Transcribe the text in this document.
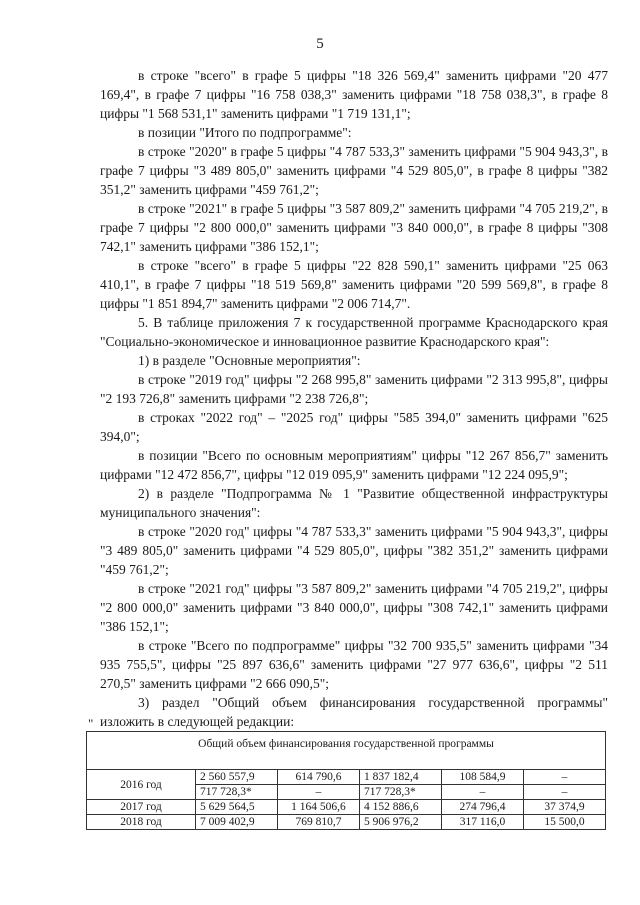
5

в строке "всего" в графе 5 цифры "18 326 569,4" заменить цифрами "20 477 169,4", в графе 7 цифры "16 758 038,3" заменить цифрами "18 758 038,3", в графе 8 цифры "1 568 531,1" заменить цифрами "1 719 131,1";

в позиции "Итого по подпрограмме":

в строке "2020" в графе 5 цифры "4 787 533,3" заменить цифрами "5 904 943,3", в графе 7 цифры "3 489 805,0" заменить цифрами "4 529 805,0", в графе 8 цифры "382 351,2" заменить цифрами "459 761,2";

в строке "2021" в графе 5 цифры "3 587 809,2" заменить цифрами "4 705 219,2", в графе 7 цифры "2 800 000,0" заменить цифрами "3 840 000,0", в графе 8 цифры "308 742,1" заменить цифрами "386 152,1";

в строке "всего" в графе 5 цифры "22 828 590,1" заменить цифрами "25 063 410,1", в графе 7 цифры "18 519 569,8" заменить цифрами "20 599 569,8", в графе 8 цифры "1 851 894,7" заменить цифрами "2 006 714,7".

5. В таблице приложения 7 к государственной программе Краснодарского края "Социально-экономическое и инновационное развитие Краснодарского края":

1) в разделе "Основные мероприятия":

в строке "2019 год" цифры "2 268 995,8" заменить цифрами "2 313 995,8", цифры "2 193 726,8" заменить цифрами "2 238 726,8";

в строках "2022 год" – "2025 год" цифры "585 394,0" заменить цифрами "625 394,0";

в позиции "Всего по основным мероприятиям" цифры "12 267 856,7" заменить цифрами "12 472 856,7", цифры "12 019 095,9" заменить цифрами "12 224 095,9";

2) в разделе "Подпрограмма № 1 "Развитие общественной инфраструктуры муниципального значения":

в строке "2020 год" цифры "4 787 533,3" заменить цифрами "5 904 943,3", цифры "3 489 805,0" заменить цифрами "4 529 805,0", цифры "382 351,2" заменить цифрами "459 761,2";

в строке "2021 год" цифры "3 587 809,2" заменить цифрами "4 705 219,2", цифры "2 800 000,0" заменить цифрами "3 840 000,0", цифры "308 742,1" заменить цифрами "386 152,1";

в строке "Всего по подпрограмме" цифры "32 700 935,5" заменить цифрами "34 935 755,5", цифры "25 897 636,6" заменить цифрами "27 977 636,6", цифры "2 511 270,5" заменить цифрами "2 666 090,5";

3) раздел "Общий объем финансирования государственной программы" изложить в следующей редакции:

"
Общий объем финансирования государственной программы					
2016 год	2 560 557,9	614 790,6	1 837 182,4	108 584,9	–
	717 728,3*	–	717 728,3*	–	–
2017 год	5 629 564,5	1 164 506,6	4 152 886,6	274 796,4	37 374,9
2018 год	7 009 402,9	769 810,7	5 906 976,2	317 116,0	15 500,0
